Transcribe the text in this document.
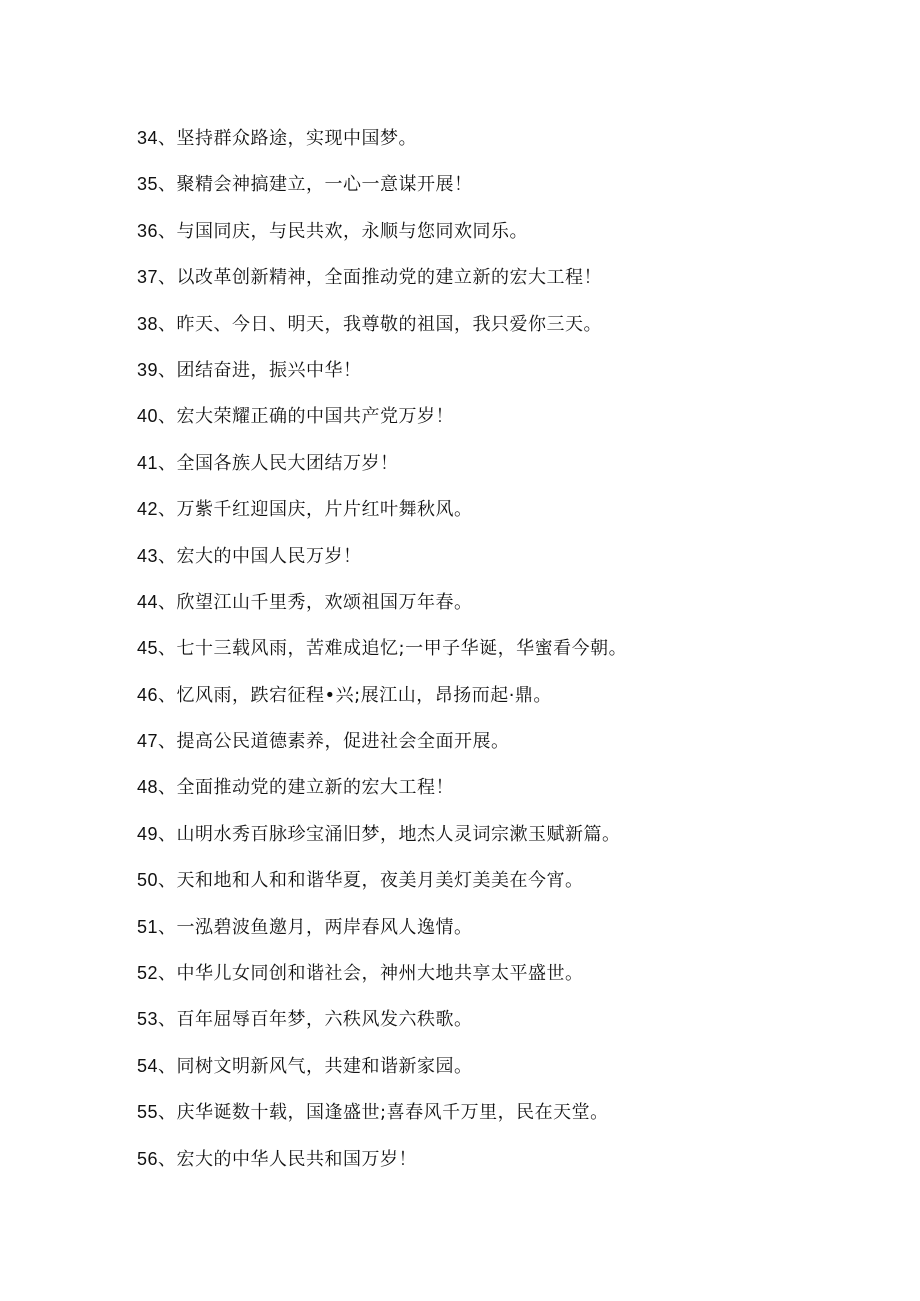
34、坚持群众路途，实现中国梦。
35、聚精会神搞建立，一心一意谋开展！
36、与国同庆，与民共欢，永顺与您同欢同乐。
37、以改革创新精神，全面推动党的建立新的宏大工程！
38、昨天、今日、明天，我尊敬的祖国，我只爱你三天。
39、团结奋进，振兴中华！
40、宏大荣耀正确的中国共产党万岁！
41、全国各族人民大团结万岁！
42、万紫千红迎国庆，片片红叶舞秋风。
43、宏大的中国人民万岁！
44、欣望江山千里秀，欢颂祖国万年春。
45、七十三载风雨，苦难成追忆;一甲子华诞，华蜜看今朝。
46、忆风雨，跌宕征程•兴;展江山，昂扬而起·鼎。
47、提高公民道德素养，促进社会全面开展。
48、全面推动党的建立新的宏大工程！
49、山明水秀百脉珍宝涌旧梦，地杰人灵词宗漱玉赋新篇。
50、天和地和人和和谐华夏，夜美月美灯美美在今宵。
51、一泓碧波鱼邀月，两岸春风人逸情。
52、中华儿女同创和谐社会，神州大地共享太平盛世。
53、百年屈辱百年梦，六秩风发六秩歌。
54、同树文明新风气，共建和谐新家园。
55、庆华诞数十载，国逢盛世;喜春风千万里，民在天堂。
56、宏大的中华人民共和国万岁！
